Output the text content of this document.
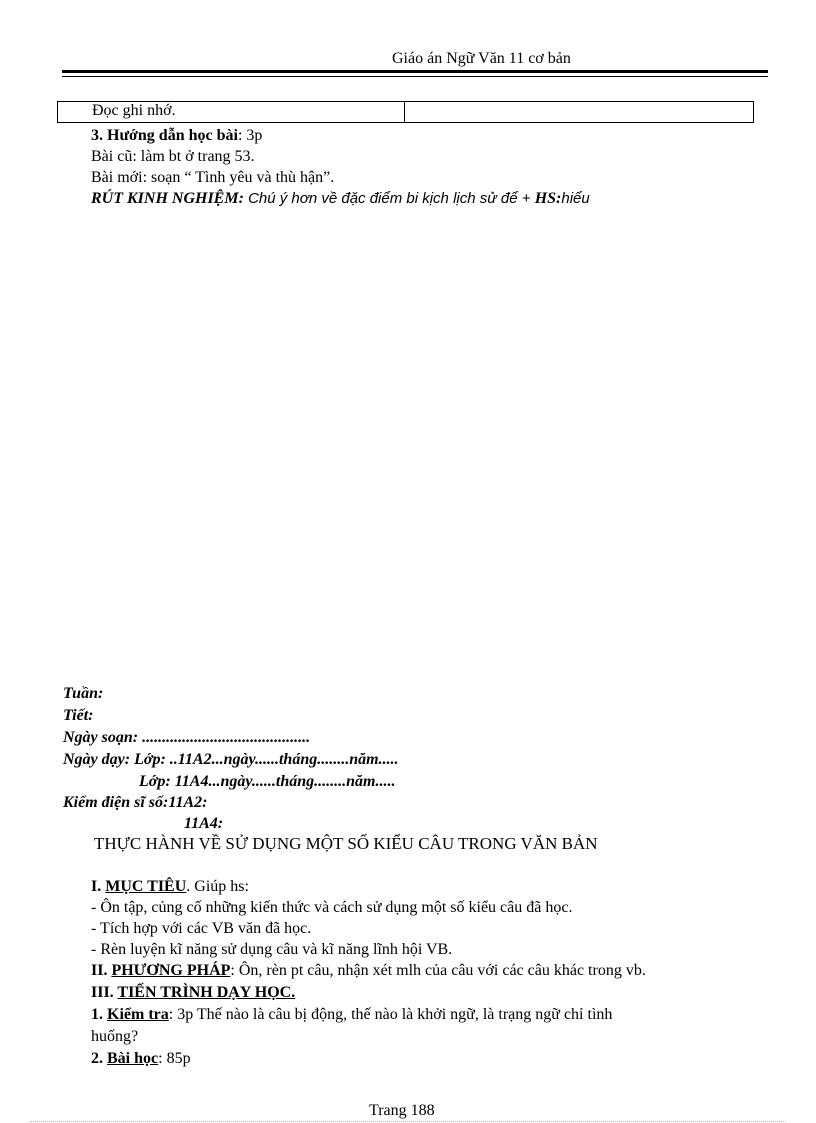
Giáo án Ngữ Văn 11 cơ bản
Đọc ghi nhớ.	
3. Hướng dẫn học bài: 3p
Bài cũ: làm bt ở trang 53.
Bài mới: soạn “ Tình yêu và thù hận”.
RÚT KINH NGHIỆM: Chú ý hơn về đặc điểm bi kịch lịch sử để + HS:hiểu
Tuần:
Tiết:
Ngày soạn: ..........................................
Ngày dạy: Lớp: ..11A2...ngày......tháng........năm.....
Lớp: 11A4...ngày......tháng........năm.....
Kiểm điện sĩ số:11A2:
11A4:
THỰC HÀNH VỀ SỬ DỤNG MỘT SỐ KIỂU CÂU TRONG VĂN BẢN
I. MỤC TIÊU. Giúp hs:
- Ôn tập, củng cố những kiến thức và cách sử dụng một số kiểu câu đã học.
- Tích hợp với các VB văn đã học.
- Rèn luyện kĩ năng sử dụng câu và kĩ năng lĩnh hội VB.
II. PHƯƠNG PHÁP: Ôn, rèn pt câu, nhận xét mlh của câu với các câu khác trong vb.
III. TIẾN TRÌNH DẠY HỌC.
1. Kiểm tra: 3p Thế nào là câu bị động, thế nào là khởi ngữ, là trạng ngữ chỉ tình
huống?
2. Bài học: 85p
Trang 188
